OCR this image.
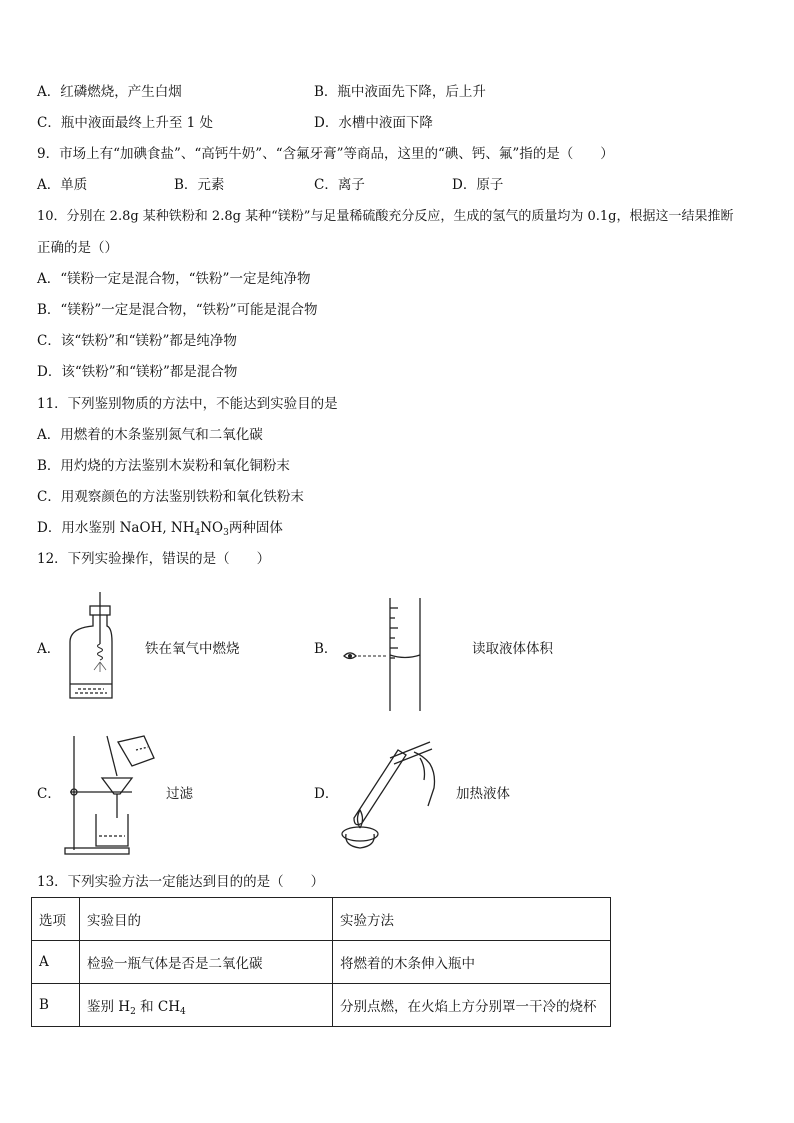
A．红磷燃烧，产生白烟	B．瓶中液面先下降，后上升
C．瓶中液面最终上升至 1 处	D．水槽中液面下降
9．市场上有“加碘食盐”、“高钙牛奶”、“含氟牙膏”等商品，这里的“碘、钙、氟”指的是（　　）
A．单质	B．元素	C．离子	D．原子
10．分别在 2.8g 某种铁粉和 2.8g 某种“镁粉”与足量稀硫酸充分反应，生成的氢气的质量均为 0.1g，根据这一结果推断
正确的是（）
A．“镁粉一定是混合物，“铁粉”一定是纯净物
B．“镁粉”一定是混合物，“铁粉”可能是混合物
C．该“铁粉”和“镁粉”都是纯净物
D．该“铁粉”和“镁粉”都是混合物
11．下列鉴别物质的方法中，不能达到实验目的是
A．用燃着的木条鉴别氮气和二氧化碳
B．用灼烧的方法鉴别木炭粉和氧化铜粉末
C．用观察颜色的方法鉴别铁粉和氧化铁粉末
D．用水鉴别 NaOH, $NH_4NO_3$两种固体
12．下列实验操作，错误的是（　　）
A．	铁在氧气中燃烧	B．	读取液体体积
C．	过滤	D．	加热液体
13．下列实验方法一定能达到目的的是（　　）
选项	实验目的	实验方法
A	检验一瓶气体是否是二氧化碳	将燃着的木条伸入瓶中
B	鉴别 $H_2$ 和 $CH_4$	分别点燃，在火焰上方分别罩一干冷的烧杯
